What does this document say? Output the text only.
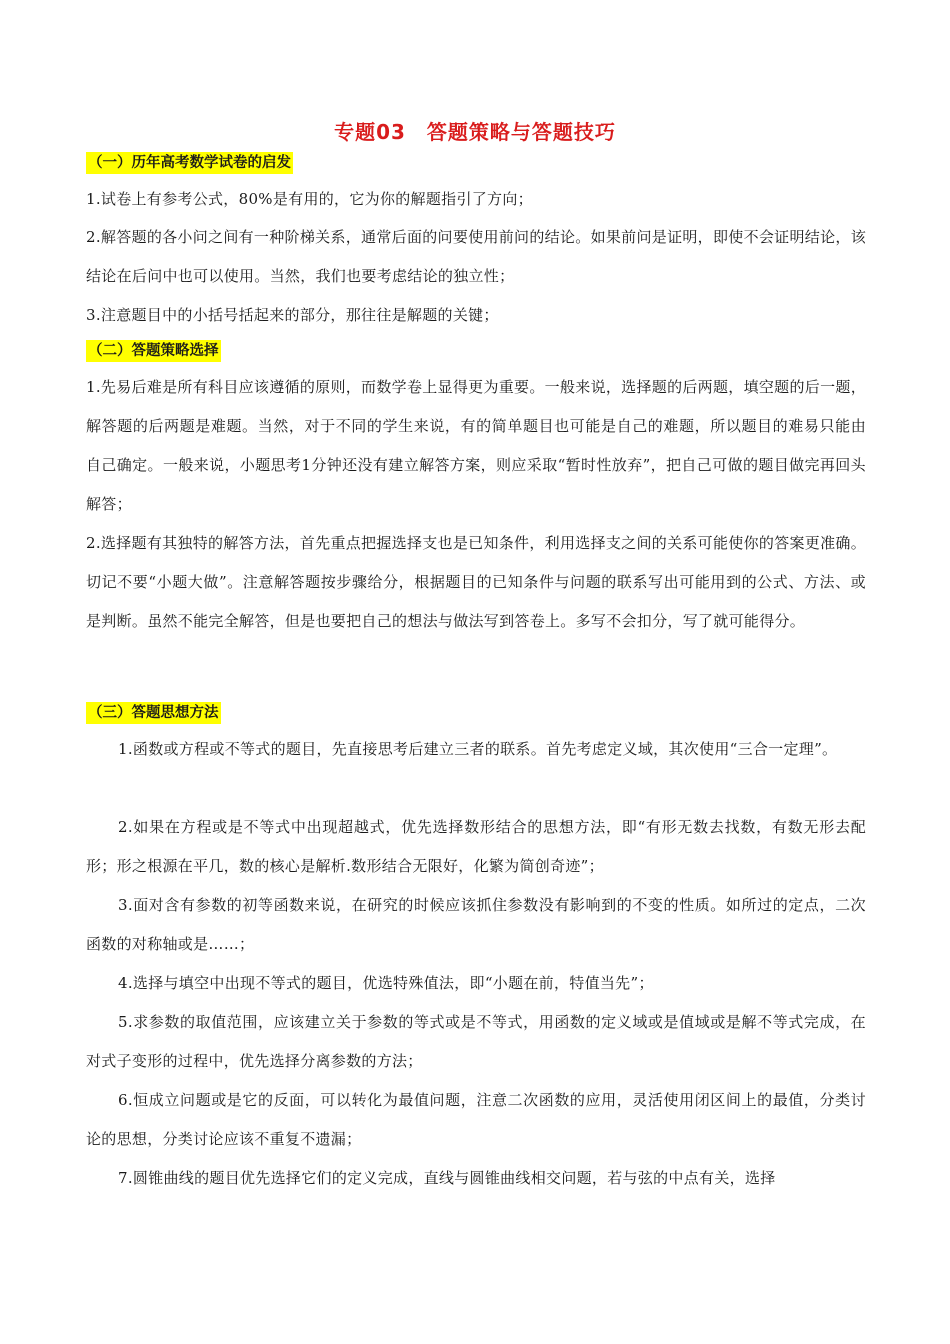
专题03　答题策略与答题技巧
（一）历年高考数学试卷的启发
1.试卷上有参考公式，80%是有用的，它为你的解题指引了方向；
2.解答题的各小问之间有一种阶梯关系，通常后面的问要使用前问的结论。如果前问是证明，即使不会证明结论，该结论在后问中也可以使用。当然，我们也要考虑结论的独立性；
3.注意题目中的小括号括起来的部分，那往往是解题的关键；
（二）答题策略选择
1.先易后难是所有科目应该遵循的原则，而数学卷上显得更为重要。一般来说，选择题的后两题，填空题的后一题，解答题的后两题是难题。当然，对于不同的学生来说，有的简单题目也可能是自己的难题，所以题目的难易只能由自己确定。一般来说，小题思考1分钟还没有建立解答方案，则应采取“暂时性放弃”，把自己可做的题目做完再回头解答；
2.选择题有其独特的解答方法，首先重点把握选择支也是已知条件，利用选择支之间的关系可能使你的答案更准确。切记不要“小题大做”。注意解答题按步骤给分，根据题目的已知条件与问题的联系写出可能用到的公式、方法、或是判断。虽然不能完全解答，但是也要把自己的想法与做法写到答卷上。多写不会扣分，写了就可能得分。
（三）答题思想方法
1.函数或方程或不等式的题目，先直接思考后建立三者的联系。首先考虑定义域，其次使用“三合一定理”。
2.如果在方程或是不等式中出现超越式，优先选择数形结合的思想方法，即“有形无数去找数，有数无形去配形；形之根源在平几，数的核心是解析.数形结合无限好，化繁为简创奇迹”；
3.面对含有参数的初等函数来说，在研究的时候应该抓住参数没有影响到的不变的性质。如所过的定点，二次函数的对称轴或是……；
4.选择与填空中出现不等式的题目，优选特殊值法，即“小题在前，特值当先”；
5.求参数的取值范围，应该建立关于参数的等式或是不等式，用函数的定义域或是值域或是解不等式完成，在对式子变形的过程中，优先选择分离参数的方法；
6.恒成立问题或是它的反面，可以转化为最值问题，注意二次函数的应用，灵活使用闭区间上的最值，分类讨论的思想，分类讨论应该不重复不遗漏；
7.圆锥曲线的题目优先选择它们的定义完成，直线与圆锥曲线相交问题，若与弦的中点有关，选择
